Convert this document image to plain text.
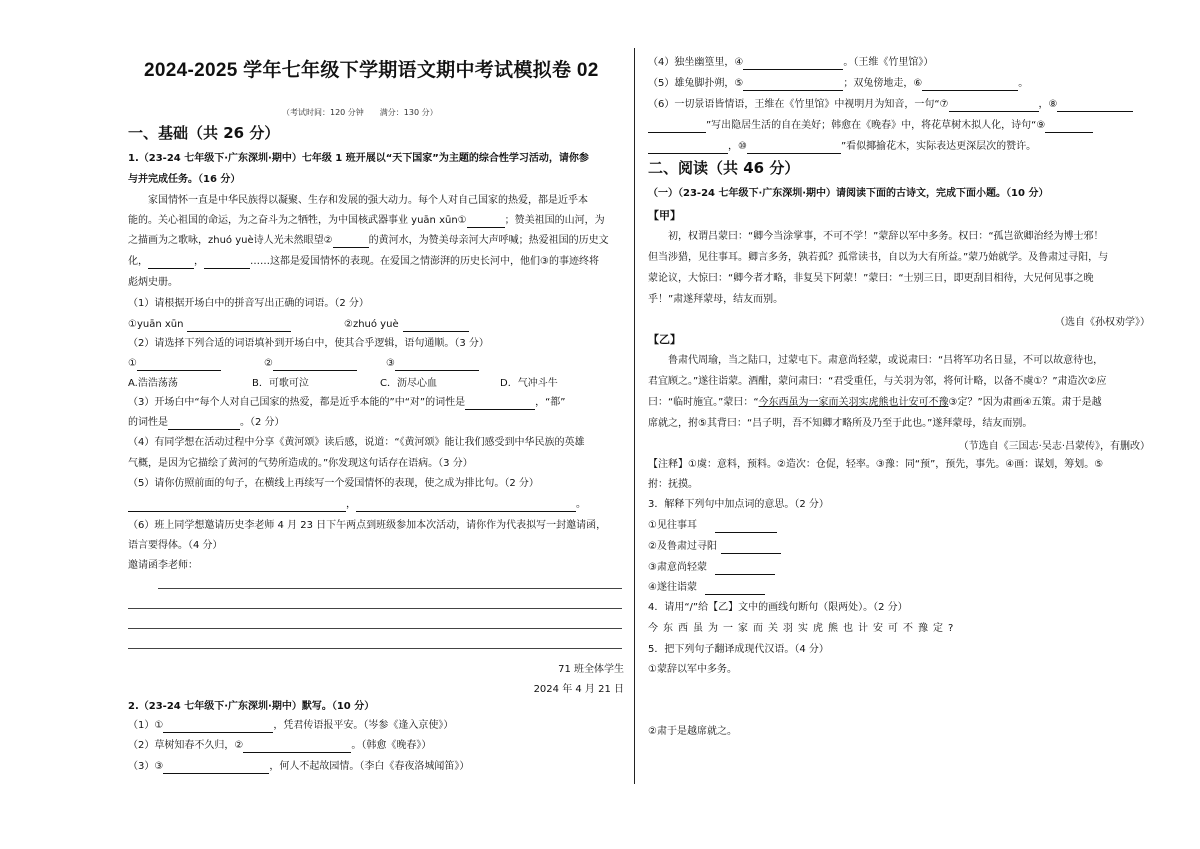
2024-2025 学年七年级下学期语文期中考试模拟卷 02
（考试时间：120 分钟　　满分：130 分）
一、基础（共 26 分）
1.（23-24 七年级下·广东深圳·期中）七年级 1 班开展以“天下国家”为主题的综合性学习活动，请你参
与并完成任务。（16 分）
家国情怀一直是中华民族得以凝聚、生存和发展的强大动力。每个人对自己国家的热爱，都是近乎本
能的。关心祖国的命运，为之奋斗为之牺牲，为中国核武器事业 yuān xūn①	；赞美祖国的山河，为
之描画为之歌咏，zhuó yuè诗人光未然眼望②	的黄河水，为赞美母亲河大声呼喊；热爱祖国的历史文
化，	，	……这都是爱国情怀的表现。在爱国之情澎湃的历史长河中，他们③的事迹终将
彪炳史册。
（1）请根据开场白中的拼音写出正确的词语。（2 分）
①yuān xūn	②zhuó yuè
（2）请选择下列合适的词语填补到开场白中，使其合乎逻辑，语句通顺。（3 分）
①	②	③
A.浩浩荡荡	B．可歌可泣	C．沥尽心血	D．气冲斗牛
（3）开场白中“每个人对自己国家的热爱，都是近乎本能的”中“对”的词性是	，“都”
的词性是	。（2 分）
（4）有同学想在活动过程中分享《黄河颂》读后感，说道：“《黄河颂》能让我们感受到中华民族的英雄
气概，是因为它描绘了黄河的气势所造成的。”你发现这句话存在语病。（3 分）
（5）请你仿照前面的句子，在横线上再续写一个爱国情怀的表现，使之成为排比句。（2 分）
，	。
（6）班上同学想邀请历史李老师 4 月 23 日下午两点到班级参加本次活动，请你作为代表拟写一封邀请函，
语言要得体。（4 分）
邀请函李老师：
71 班全体学生
2024 年 4 月 21 日
2.（23-24 七年级下·广东深圳·期中）默写。（10 分）
（1）①	，凭君传语报平安。（岑参《逢入京使》）
（2）草树知春不久归，②	。（韩愈《晚春》）
（3）③	，何人不起故园情。（李白《春夜洛城闻笛》）
（4）独坐幽篁里，④	。（王维《竹里馆》）
（5）雄兔脚扑朔，⑤	；双兔傍地走，⑥	。
（6）一切景语皆情语，王维在《竹里馆》中视明月为知音，一句“⑦	，⑧
”写出隐居生活的自在美好；韩愈在《晚春》中，将花草树木拟人化，诗句“⑨
，⑩	”看似揶揄花木，实际表达更深层次的赞许。
二、阅读（共 46 分）
（一）（23-24 七年级下·广东深圳·期中）请阅读下面的古诗文，完成下面小题。（10 分）
【甲】
初，权谓吕蒙曰：“卿今当涂掌事，不可不学！”蒙辞以军中多务。权曰：“孤岂欲卿治经为博士邪！
但当涉猎，见往事耳。卿言多务，孰若孤？孤常读书，自以为大有所益。”蒙乃始就学。及鲁肃过寻阳，与
蒙论议，大惊曰：“卿今者才略，非复吴下阿蒙！”蒙曰：“士别三日，即更刮目相待，大兄何见事之晚
乎！”肃遂拜蒙母，结友而别。
（选自《孙权劝学》）
【乙】
鲁肃代周瑜，当之陆口，过蒙屯下。肃意尚轻蒙，或说肃曰：“吕将军功名日显，不可以故意待也，
君宜顾之。”遂往诣蒙。酒酣，蒙问肃曰：“君受重任，与关羽为邻，将何计略，以备不虞①？”肃造次②应
曰：“临时施宜。”蒙曰：“今东西虽为一家而关羽实虎熊也计安可不豫③定？”因为肃画④五策。肃于是越
席就之，拊⑤其背曰：“吕子明，吾不知卿才略所及乃至于此也。”遂拜蒙母，结友而别。
（节选自《三国志·吴志·吕蒙传》，有删改）
【注释】①虞：意料，预料。②造次：仓促，轻率。③豫：同“预”，预先，事先。④画：谋划，筹划。⑤
拊：抚摸。
3．解释下列句中加点词的意思。（2 分）
①见往事耳
②及鲁肃过寻阳
③肃意尚轻蒙
④遂往诣蒙
4．请用“/”给【乙】文中的画线句断句（限两处）。（2 分）
今东西虽为一家而关羽实虎熊也计安可不豫定?
5．把下列句子翻译成现代汉语。（4 分）
①蒙辞以军中多务。
②肃于是越席就之。
